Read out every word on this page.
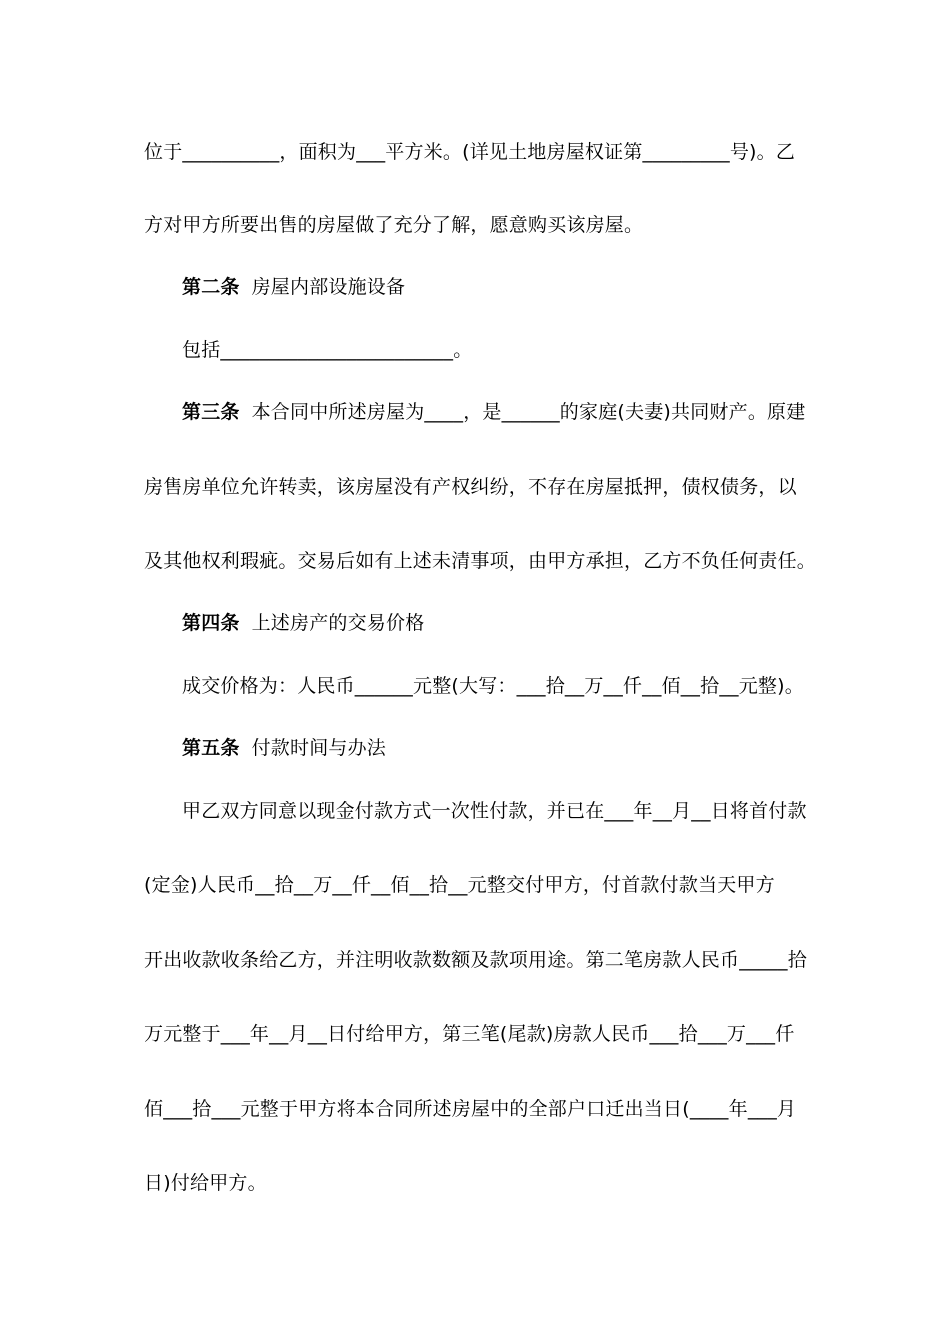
位于__________，面积为___平方米。(详见土地房屋权证第_________号)。乙
方对甲方所要出售的房屋做了充分了解，愿意购买该房屋。
第二条 房屋内部设施设备
包括________________________。
第三条 本合同中所述房屋为____，是______的家庭(夫妻)共同财产。原建
房售房单位允许转卖，该房屋没有产权纠纷，不存在房屋抵押，债权债务，以
及其他权利瑕疵。交易后如有上述未清事项，由甲方承担，乙方不负任何责任。
第四条 上述房产的交易价格
成交价格为：人民币______元整(大写：___拾__万__仟__佰__拾__元整)。
第五条 付款时间与办法
甲乙双方同意以现金付款方式一次性付款，并已在___年__月__日将首付款
(定金)人民币__拾__万__仟__佰__拾__元整交付甲方，付首款付款当天甲方
开出收款收条给乙方，并注明收款数额及款项用途。第二笔房款人民币_____拾
万元整于___年__月__日付给甲方，第三笔(尾款)房款人民币___拾___万___仟
佰___拾___元整于甲方将本合同所述房屋中的全部户口迁出当日(____年___月
日)付给甲方。
